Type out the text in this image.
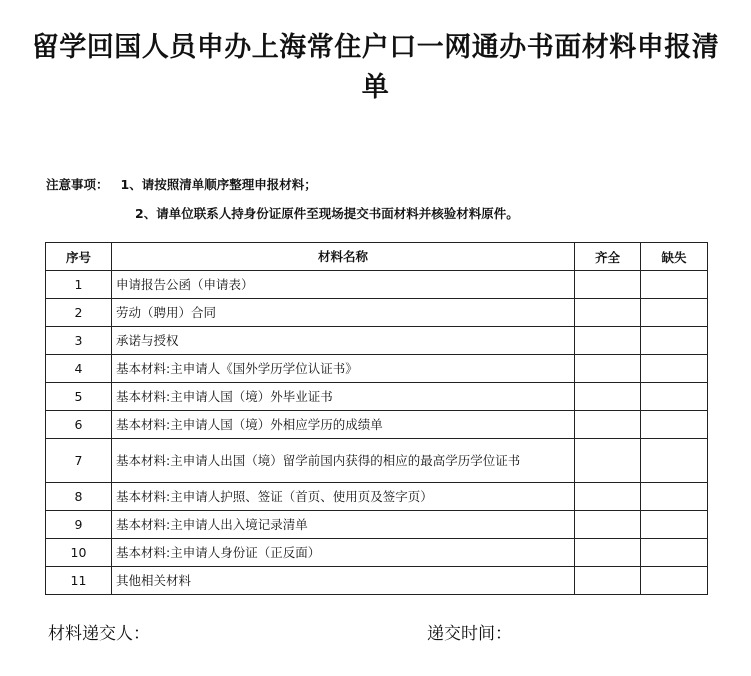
留学回国人员申办上海常住户口一网通办书面材料申报清单
注意事项： 1、请按照清单顺序整理申报材料；
2、请单位联系人持身份证原件至现场提交书面材料并核验材料原件。
序号	材料名称	齐全	缺失
1	申请报告公函（申请表）		
2	劳动（聘用）合同		
3	承诺与授权		
4	基本材料:主申请人《国外学历学位认证书》		
5	基本材料:主申请人国（境）外毕业证书		
6	基本材料:主申请人国（境）外相应学历的成绩单		
7	基本材料:主申请人出国（境）留学前国内获得的相应的最高学历学位证书		
8	基本材料:主申请人护照、签证（首页、使用页及签字页）		
9	基本材料:主申请人出入境记录清单		
10	基本材料:主申请人身份证（正反面）		
11	其他相关材料		
材料递交人：	递交时间：
